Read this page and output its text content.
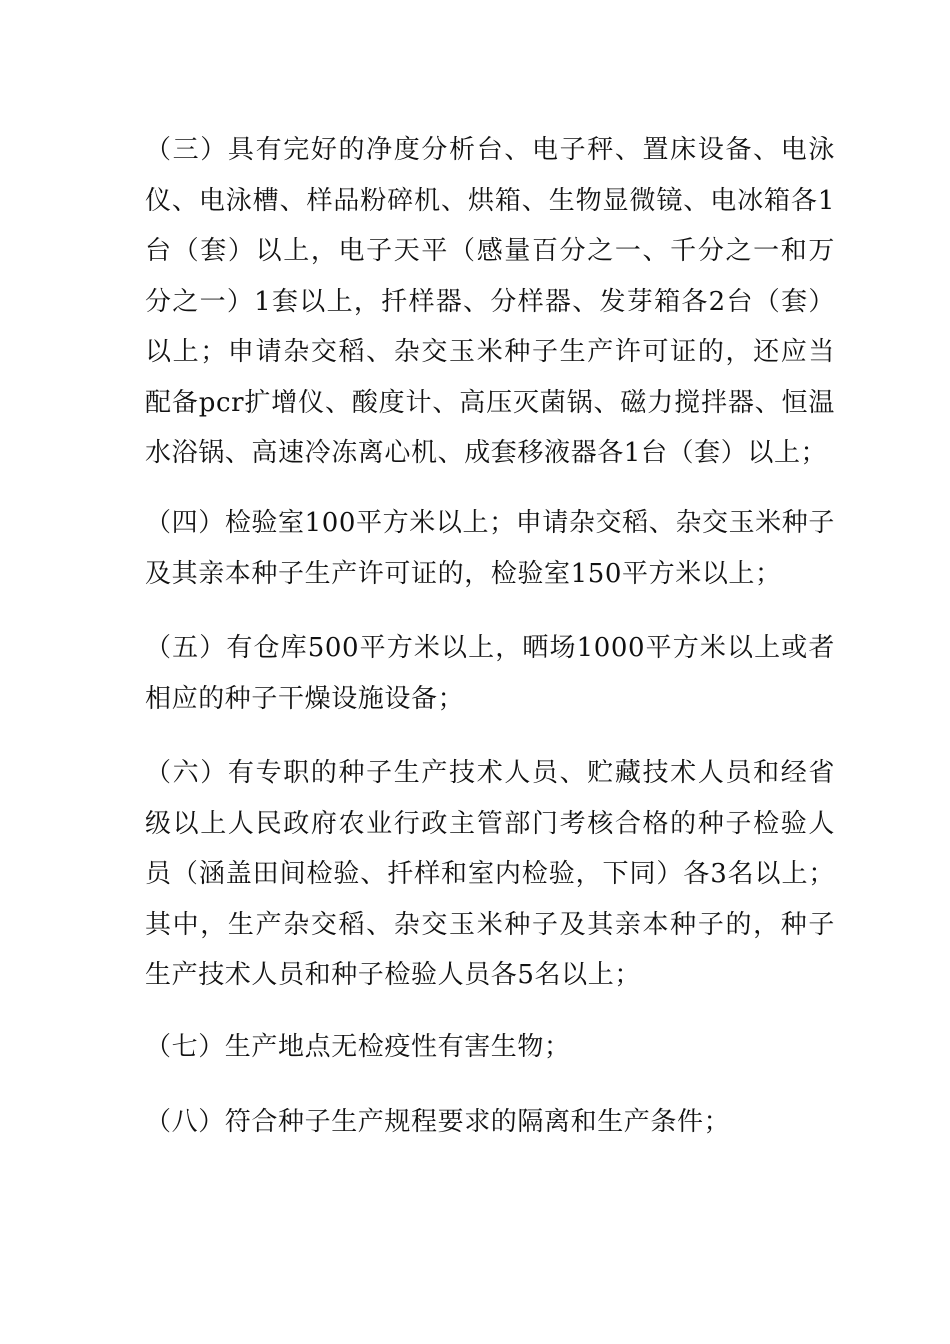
（三）具有完好的净度分析台、电子秤、置床设备、电泳仪、电泳槽、样品粉碎机、烘箱、生物显微镜、电冰箱各1台（套）以上，电子天平（感量百分之一、千分之一和万分之一）1套以上，扦样器、分样器、发芽箱各2台（套）以上；申请杂交稻、杂交玉米种子生产许可证的，还应当配备pcr扩增仪、酸度计、高压灭菌锅、磁力搅拌器、恒温水浴锅、高速冷冻离心机、成套移液器各1台（套）以上；

（四）检验室100平方米以上；申请杂交稻、杂交玉米种子及其亲本种子生产许可证的，检验室150平方米以上；

（五）有仓库500平方米以上，晒场1000平方米以上或者相应的种子干燥设施设备；

（六）有专职的种子生产技术人员、贮藏技术人员和经省级以上人民政府农业行政主管部门考核合格的种子检验人员（涵盖田间检验、扦样和室内检验，下同）各3名以上；其中，生产杂交稻、杂交玉米种子及其亲本种子的，种子生产技术人员和种子检验人员各5名以上；

（七）生产地点无检疫性有害生物；

（八）符合种子生产规程要求的隔离和生产条件；
